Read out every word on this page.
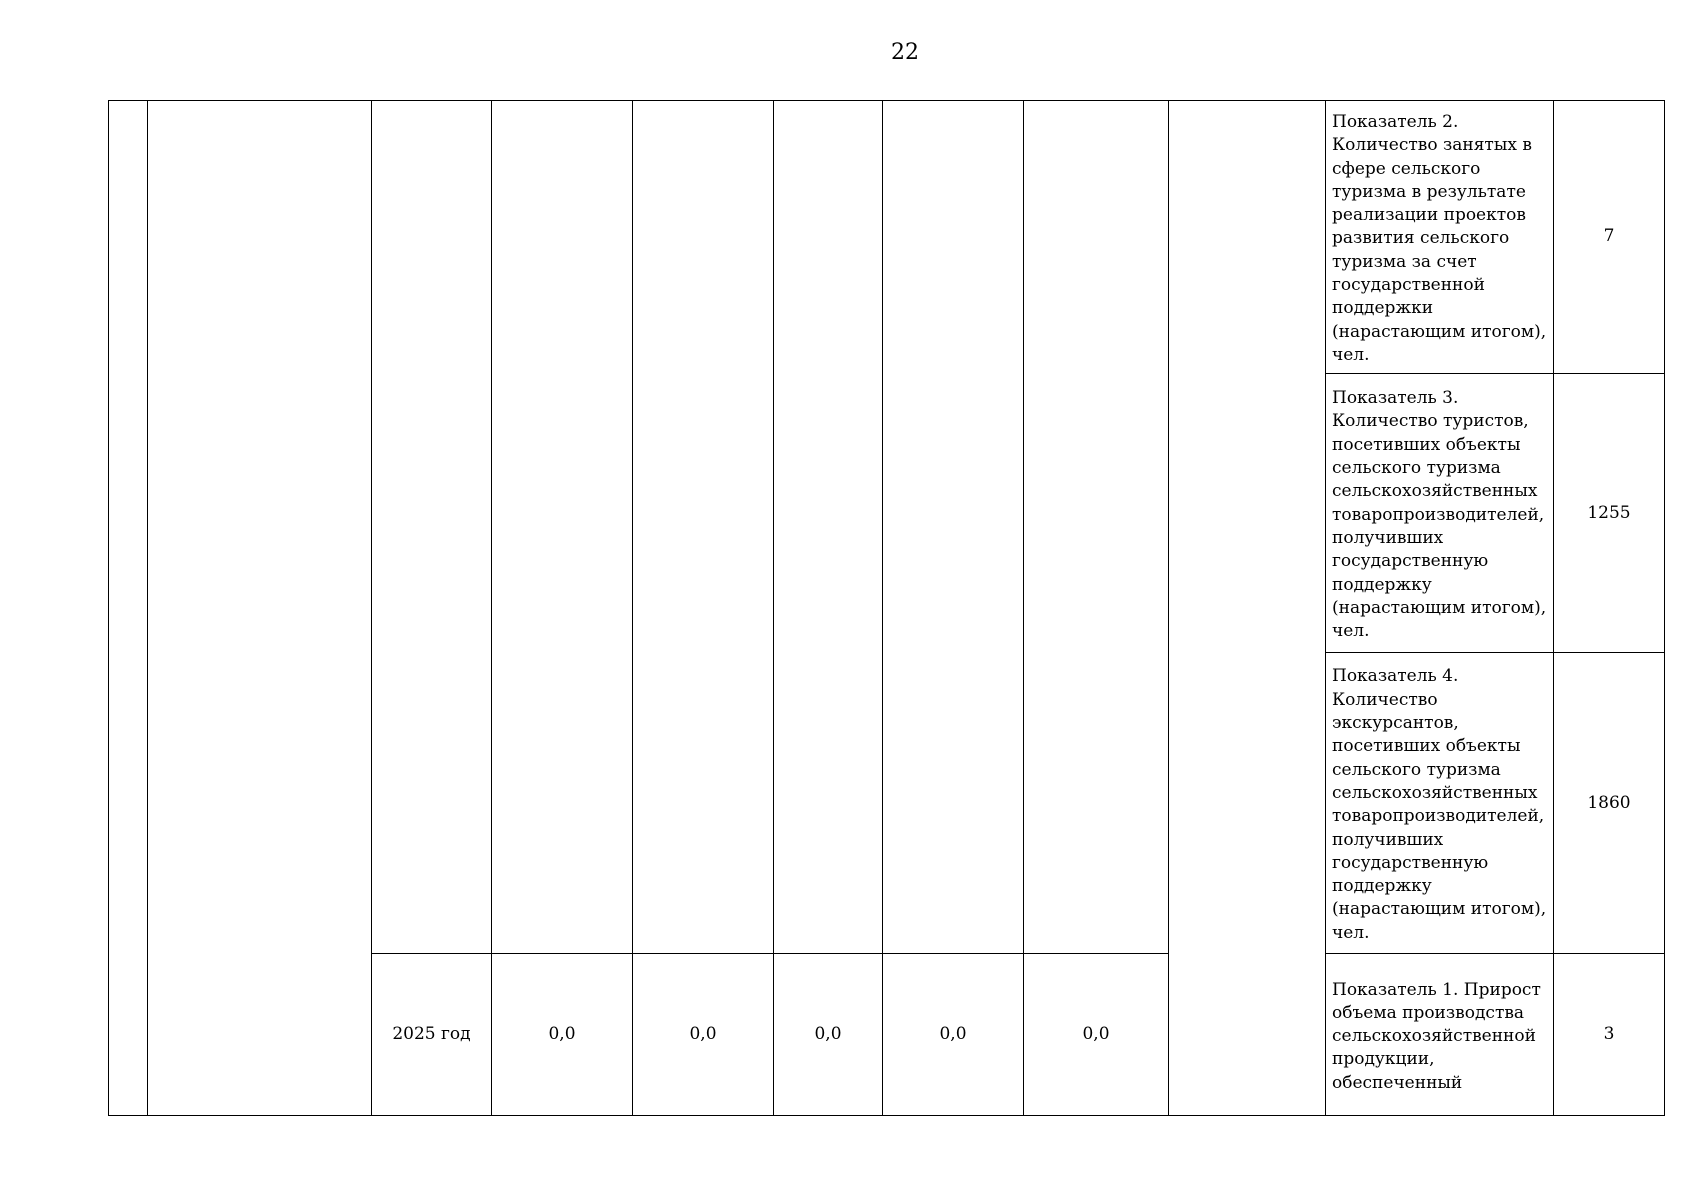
22
									Показатель 2. Количество занятых в сфере сельского туризма в результате реализации проектов развития сельского туризма за счет государственной поддержки (нарастающим итогом), чел.	7
									Показатель 3. Количество туристов, посетивших объекты сельского туризма сельскохозяйственных товаропроизводителей, получивших государственную поддержку (нарастающим итогом), чел.	1255
									Показатель 4. Количество экскурсантов, посетивших объекты сельского туризма сельскохозяйственных товаропроизводителей, получивших государственную поддержку (нарастающим итогом), чел.	1860
		2025 год	0,0	0,0	0,0	0,0	0,0		Показатель 1. Прирост объема производства сельскохозяйственной продукции, обеспеченный	3
